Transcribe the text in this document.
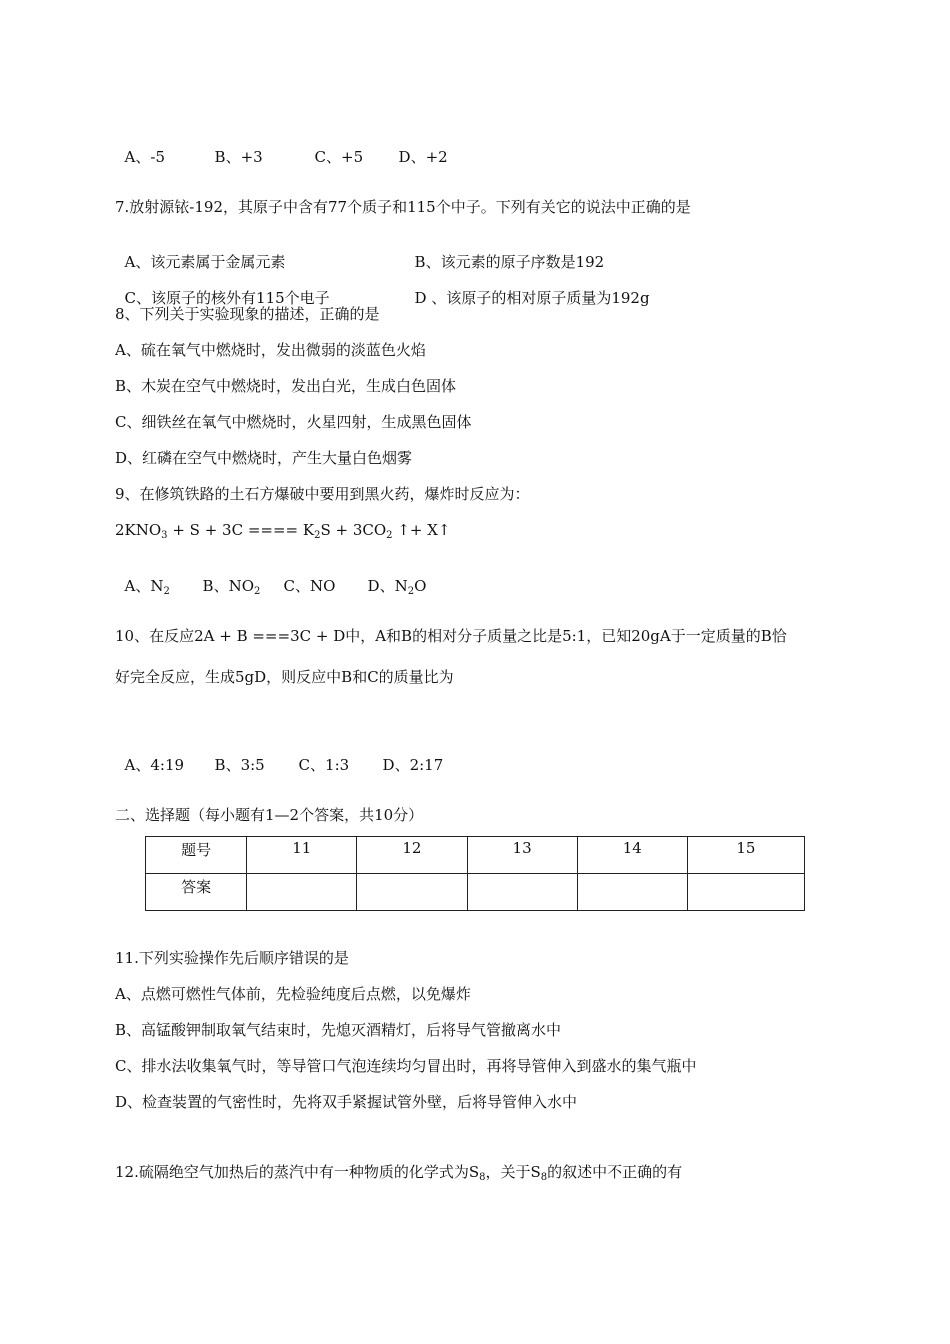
A、-5	B、+3	C、+5 D、+2

7.放射源铱-192，其原子中含有77个质子和115个中子。下列有关它的说法中正确的是

A、该元素属于金属元素	B、该元素的原子序数是192

C、该原子的核外有115个电子	D 、该原子的相对原子质量为192g

8、下列关于实验现象的描述，正确的是
A、硫在氧气中燃烧时，发出微弱的淡蓝色火焰
B、木炭在空气中燃烧时，发出白光，生成白色固体
C、细铁丝在氧气中燃烧时，火星四射，生成黑色固体
D、红磷在空气中燃烧时，产生大量白色烟雾
9、在修筑铁路的土石方爆破中要用到黑火药，爆炸时反应为：
$2KNO_3 + S + 3C$ ==== $K_2S + 3CO_2$ ↑+ X↑

A、$N_2$ B、$NO_2$ C、NO D、$N_2O$

10、在反应2A + B ===3C + D中，A和B的相对分子质量之比是5:1，已知20gA于一定质量的B恰
好完全反应，生成5gD，则反应中B和C的质量比为

A、4:19 B、3:5 C、1:3 D、2:17

二、选择题（每小题有1—2个答案，共10分）
题号	11	12	13	14	15
答案					
11.下列实验操作先后顺序错误的是
A、点燃可燃性气体前，先检验纯度后点燃，以免爆炸
B、高锰酸钾制取氧气结束时，先熄灭酒精灯，后将导气管撤离水中
C、排水法收集氧气时，等导管口气泡连续均匀冒出时，再将导管伸入到盛水的集气瓶中
D、检查装置的气密性时，先将双手紧握试管外壁，后将导管伸入水中
12.硫隔绝空气加热后的蒸汽中有一种物质的化学式为$S_8$，关于$S_8$的叙述中不正确的有
